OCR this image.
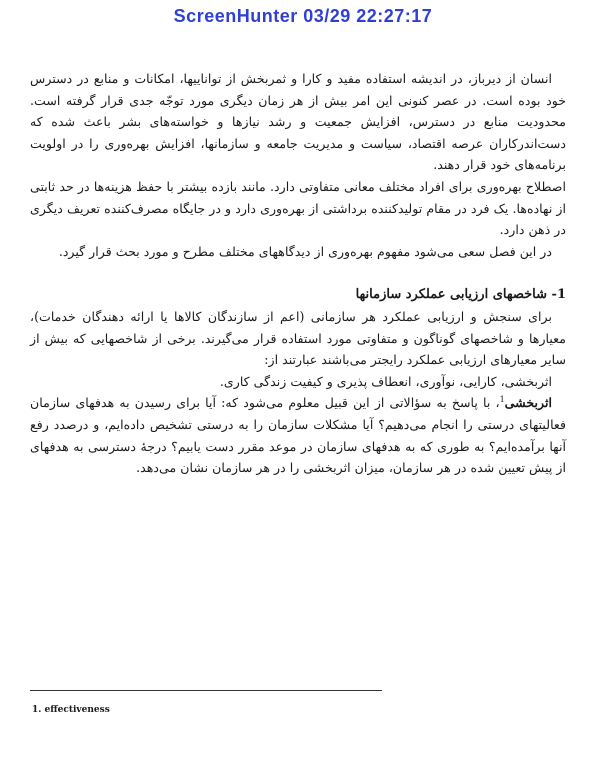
ScreenHunter 03/29 22:27:17

انسان از دیرباز، در اندیشه استفاده مفید و کارا و ثمربخش از تواناییها، امکانات و منابع در دسترس خود بوده است. در عصر کنونی این امر بیش از هر زمان دیگری مورد توجّه جدی قرار گرفته است. محدودیت منابع در دسترس، افزایش جمعیت و رشد نیازها و خواسته‌های بشر باعث شده که دست‌اندرکاران عرصه اقتصاد، سیاست و مدیریت جامعه و سازمانها، افزایش بهره‌وری را در اولویت برنامه‌های خود قرار دهند.

اصطلاح بهره‌وری برای افراد مختلف معانی متفاوتی دارد. مانند بازده بیشتر با حفظ هزینه‌ها در حد ثابتی از نهاده‌ها. یک فرد در مقام تولیدکننده برداشتی از بهره‌وری دارد و در جایگاه مصرف‌کننده تعریف دیگری در ذهن دارد.

در این فصل سعی می‌شود مفهوم بهره‌وری از دیدگاههای مختلف مطرح و مورد بحث قرار گیرد.

1- شاخصهای ارزیابی عملکرد سازمانها

برای سنجش و ارزیابی عملکرد هر سازمانی (اعم از سازندگان کالاها یا ارائه دهندگان خدمات)، معیارها و شاخصهای گوناگون و متفاوتی مورد استفاده قرار می‌گیرند. برخی از شاخصهایی که بیش از سایر معیارهای ارزیابی عملکرد رایجتر می‌باشند عبارتند از:

اثربخشی، کارایی، نوآوری، انعطاف پذیری و کیفیت زندگی کاری.

اثربخشی$^1$، با پاسخ به سؤالاتی از این قبیل معلوم می‌شود که: آیا برای رسیدن به هدفهای سازمان فعالیتهای درستی را انجام می‌دهیم؟ آیا مشکلات سازمان را به درستی تشخیص داده‌ایم، و درصدد رفع آنها برآمده‌ایم؟ به طوری که به هدفهای سازمان در موعد مقرر دست یابیم؟ درجهٔ دسترسی به هدفهای از پیش تعیین شده در هر سازمان، میزان اثربخشی را در هر سازمان نشان می‌دهد.

1. effectiveness
